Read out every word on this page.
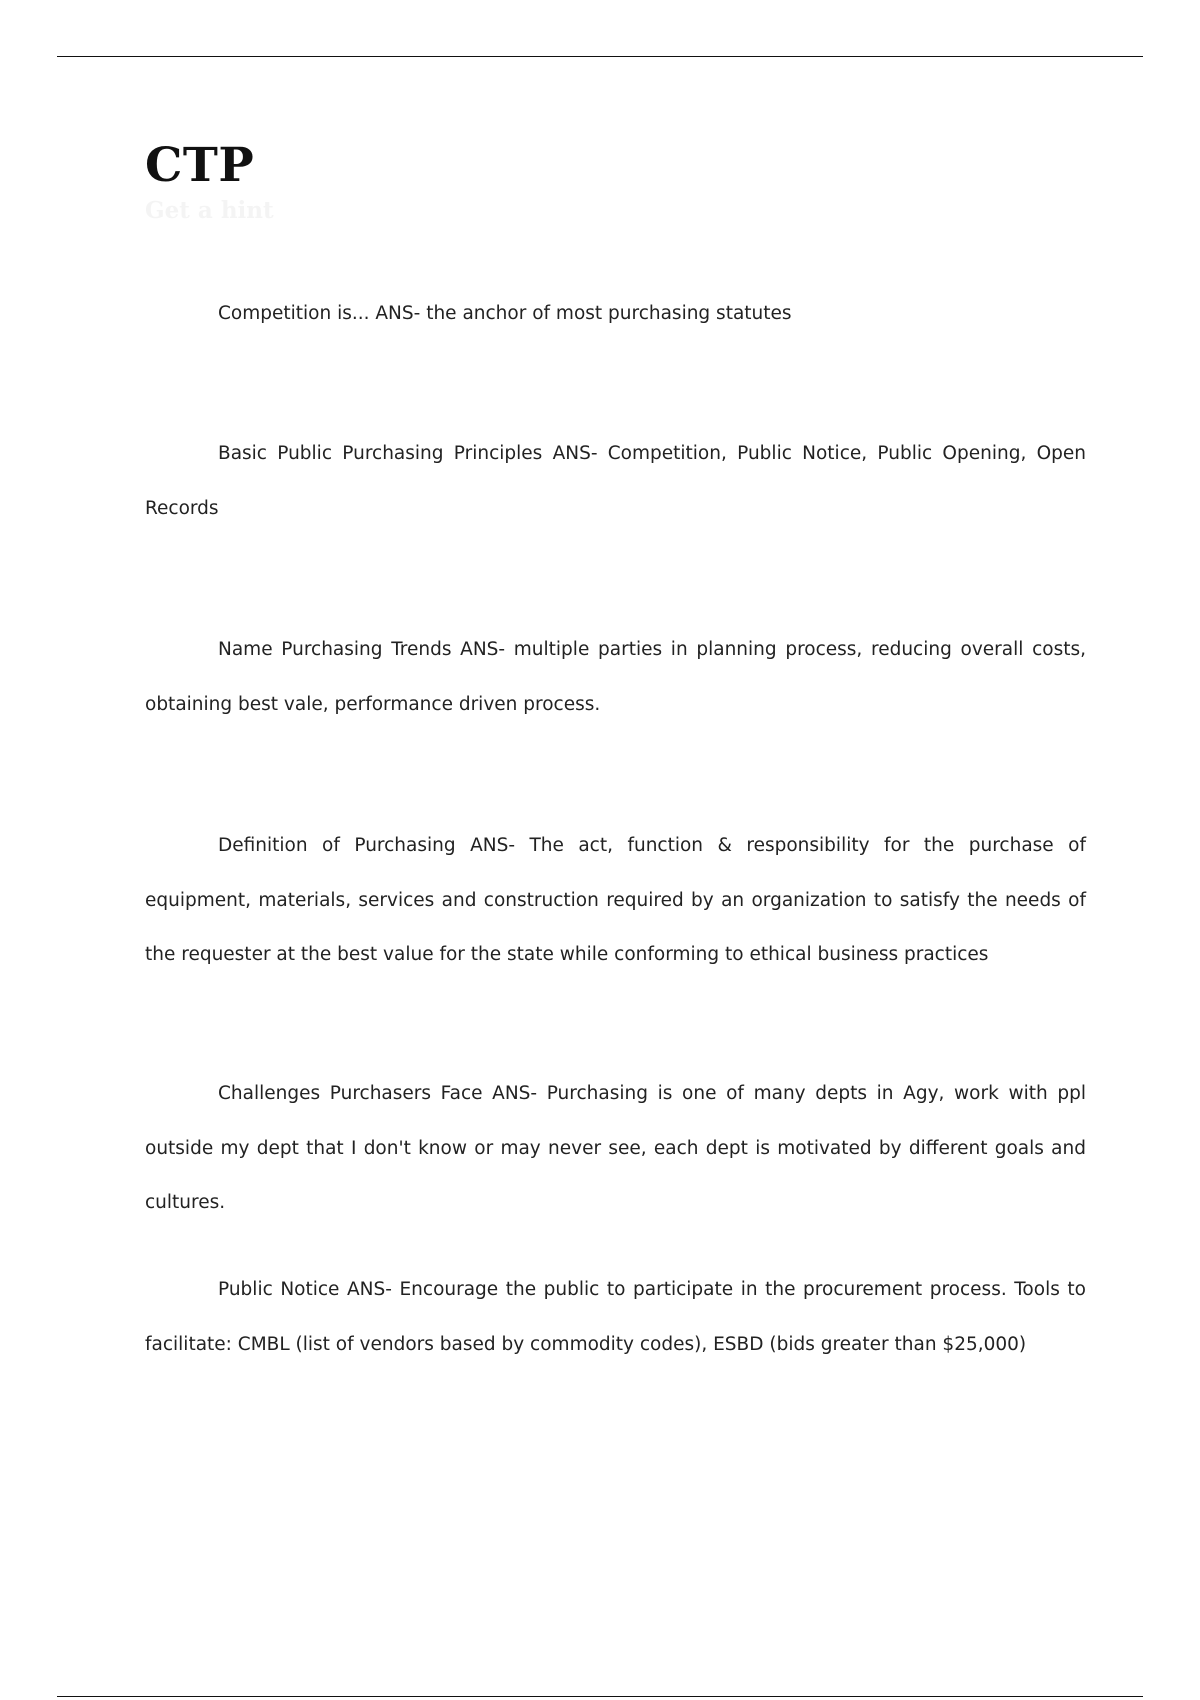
CTP
Get a hint

Competition is... ANS- the anchor of most purchasing statutes

Basic Public Purchasing Principles ANS- Competition, Public Notice, Public Opening, Open Records

Name Purchasing Trends ANS- multiple parties in planning process, reducing overall costs, obtaining best vale, performance driven process.

Definition of Purchasing ANS- The act, function & responsibility for the purchase of equipment, materials, services and construction required by an organization to satisfy the needs of the requester at the best value for the state while conforming to ethical business practices

Challenges Purchasers Face ANS- Purchasing is one of many depts in Agy, work with ppl outside my dept that I don't know or may never see, each dept is motivated by different goals and cultures.

Public Notice ANS- Encourage the public to participate in the procurement process. Tools to facilitate: CMBL (list of vendors based by commodity codes), ESBD (bids greater than $25,000)
